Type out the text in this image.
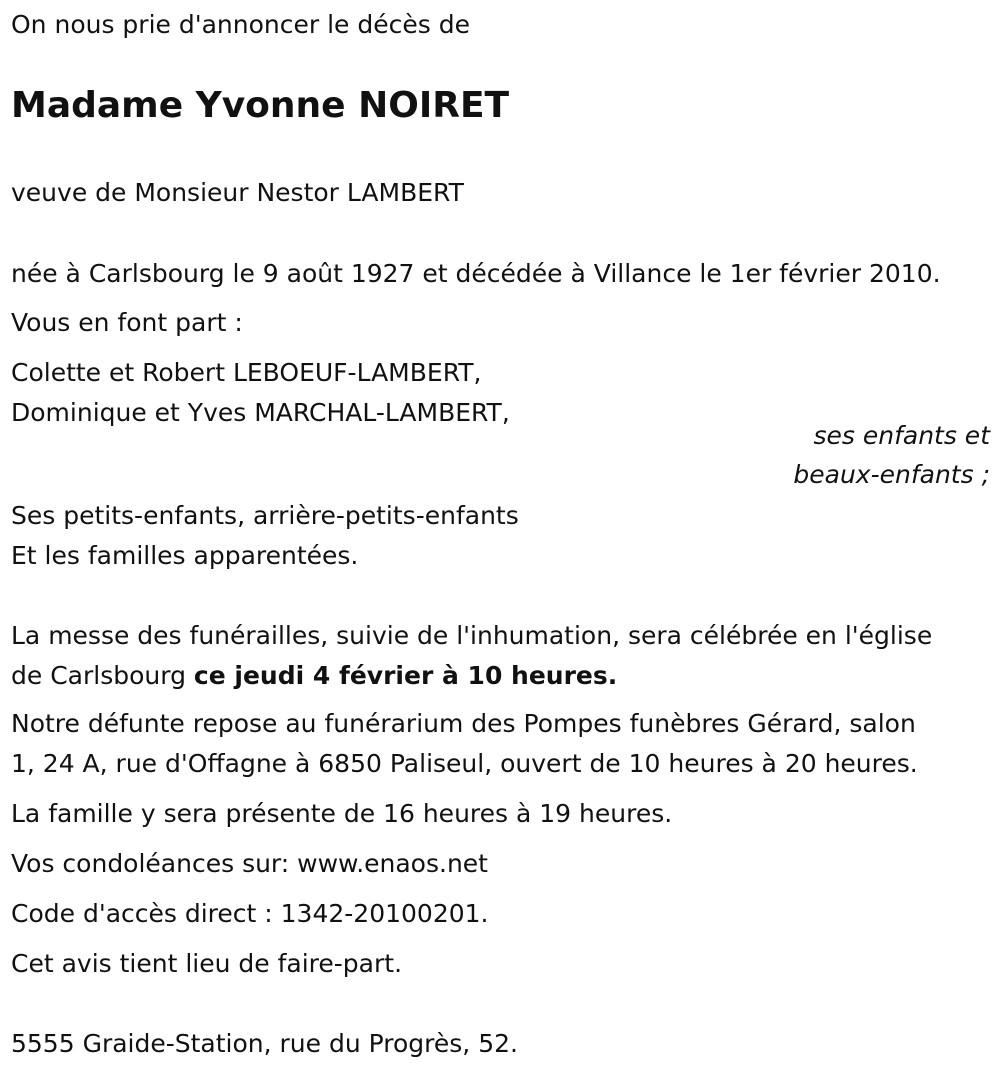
On nous prie d'annoncer le décès de

Madame Yvonne NOIRET

veuve de Monsieur Nestor LAMBERT

née à Carlsbourg le 9 août 1927 et décédée à Villance le 1er février 2010.

Vous en font part :

Colette et Robert LEBOEUF-LAMBERT,

Dominique et Yves MARCHAL-LAMBERT,

ses enfants et

beaux-enfants ;

Ses petits-enfants, arrière-petits-enfants

Et les familles apparentées.

La messe des funérailles, suivie de l'inhumation, sera célébrée en l'église

de Carlsbourg ce jeudi 4 février à 10 heures.

Notre défunte repose au funérarium des Pompes funèbres Gérard, salon

1, 24 A, rue d'Offagne à 6850 Paliseul, ouvert de 10 heures à 20 heures.

La famille y sera présente de 16 heures à 19 heures.

Vos condoléances sur: www.enaos.net

Code d'accès direct : 1342-20100201.

Cet avis tient lieu de faire-part.

5555 Graide-Station, rue du Progrès, 52.
